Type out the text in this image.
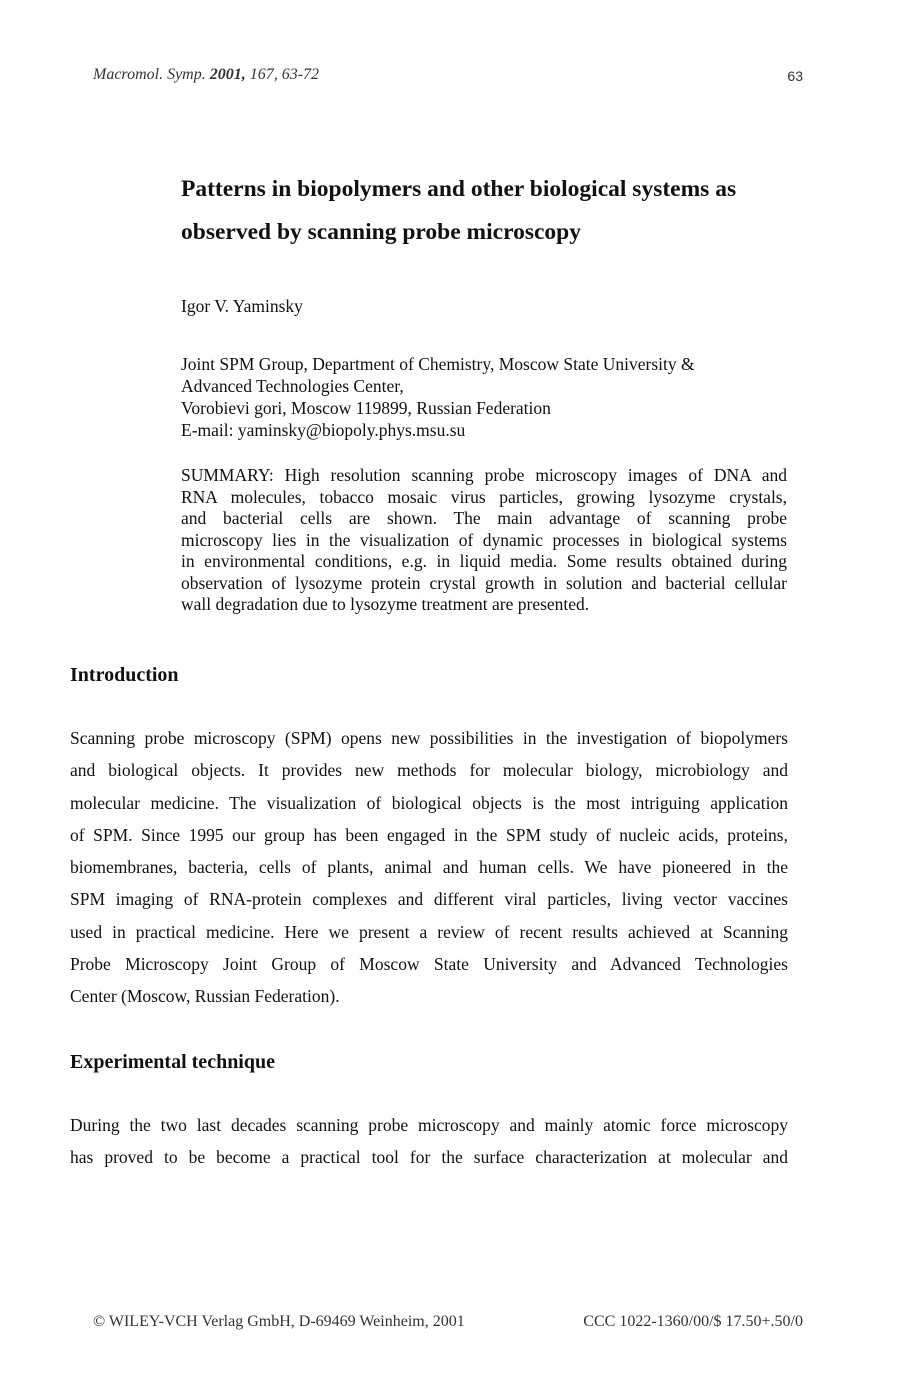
Macromol. Symp. 2001, 167, 63-72	63
Patterns in biopolymers and other biological systems as
observed by scanning probe microscopy
Igor V. Yaminsky
Joint SPM Group, Department of Chemistry, Moscow State University &
Advanced Technologies Center,
Vorobievi gori, Moscow 119899, Russian Federation
E-mail: yaminsky@biopoly.phys.msu.su

SUMMARY: High resolution scanning probe microscopy images of DNA and
RNA molecules, tobacco mosaic virus particles, growing lysozyme crystals,
and bacterial cells are shown. The main advantage of scanning probe
microscopy lies in the visualization of dynamic processes in biological systems
in environmental conditions, e.g. in liquid media. Some results obtained during
observation of lysozyme protein crystal growth in solution and bacterial cellular
wall degradation due to lysozyme treatment are presented.

Introduction

Scanning probe microscopy (SPM) opens new possibilities in the investigation of biopolymers
and biological objects. It provides new methods for molecular biology, microbiology and
molecular medicine. The visualization of biological objects is the most intriguing application
of SPM. Since 1995 our group has been engaged in the SPM study of nucleic acids, proteins,
biomembranes, bacteria, cells of plants, animal and human cells. We have pioneered in the
SPM imaging of RNA-protein complexes and different viral particles, living vector vaccines
used in practical medicine. Here we present a review of recent results achieved at Scanning
Probe Microscopy Joint Group of Moscow State University and Advanced Technologies
Center (Moscow, Russian Federation).

Experimental technique

During the two last decades scanning probe microscopy and mainly atomic force microscopy
has proved to be become a practical tool for the surface characterization at molecular and

© WILEY-VCH Verlag GmbH, D-69469 Weinheim, 2001	CCC 1022-1360/00/$ 17.50+.50/0
